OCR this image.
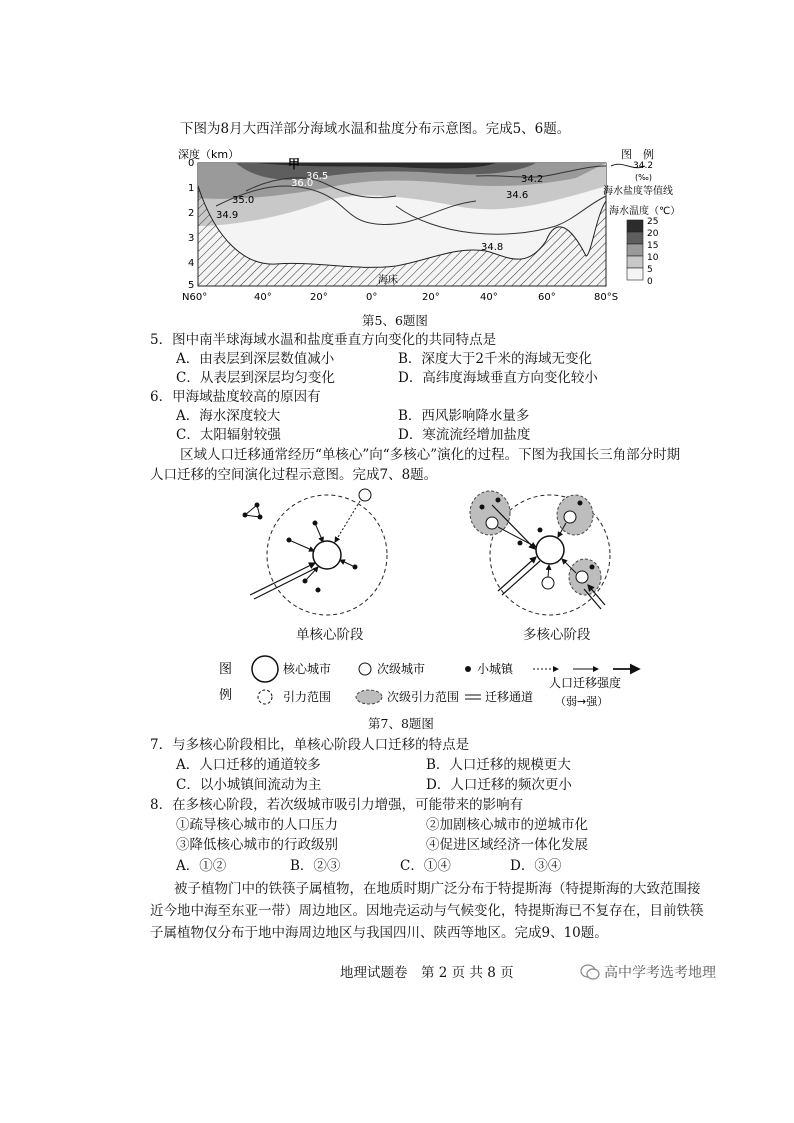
下图为8月大西洋部分海域水温和盐度分布示意图。完成5、6题。
深度（km）
0
1
2
3
4
5
N60°	40°	20°	0°	20°	40°	60°	80°S
甲
36.5
36.0
35.0
34.9
34.2
34.6
34.8
海床
图　例
34.2
(‰)
海水盐度等值线
海水温度（℃）
25
20
15
10
5
0
第5、6题图
5．图中南半球海域水温和盐度垂直方向变化的共同特点是
A．由表层到深层数值减小	B．深度大于2千米的海域无变化
C．从表层到深层均匀变化	D．高纬度海域垂直方向变化较小
6．甲海域盐度较高的原因有
A．海水深度较大	B．西风影响降水量多
C．太阳辐射较强	D．寒流流经增加盐度
区域人口迁移通常经历“单核心”向“多核心”演化的过程。下图为我国长三角部分时期
人口迁移的空间演化过程示意图。完成7、8题。
单核心阶段	多核心阶段
图
例
核心城市	次级城市	小城镇
引力范围	次级引力范围 迁移通道
人口迁移强度
（弱→强）
第7、8题图
7．与多核心阶段相比，单核心阶段人口迁移的特点是
A．人口迁移的通道较多	B．人口迁移的规模更大
C．以小城镇间流动为主	D．人口迁移的频次更小
8．在多核心阶段，若次级城市吸引力增强，可能带来的影响有
①疏导核心城市的人口压力	②加剧核心城市的逆城市化
③降低核心城市的行政级别	④促进区域经济一体化发展
A．①②	B．②③	C．①④	D．③④
被子植物门中的铁筷子属植物，在地质时期广泛分布于特提斯海（特提斯海的大致范围接
近今地中海至东亚一带）周边地区。因地壳运动与气候变化，特提斯海已不复存在，目前铁筷
子属植物仅分布于地中海周边地区与我国四川、陕西等地区。完成9、10题。
地理试题卷　第 2 页 共 8 页	高中学考选考地理
